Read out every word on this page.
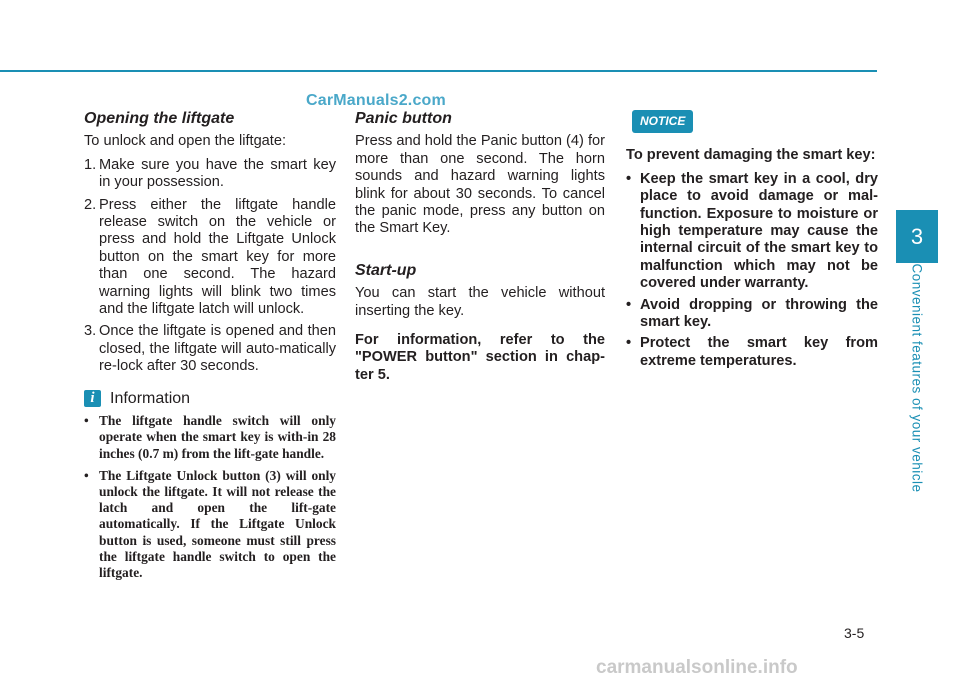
CarManuals2.com
Opening the liftgate

To unlock and open the liftgate:

1. Make sure you have the smart key in your possession.
2. Press either the liftgate handle release switch on the vehicle or press and hold the Liftgate Unlock button on the smart key for more than one second. The hazard warning lights will blink two times and the liftgate latch will unlock.
3. Once the liftgate is opened and then closed, the liftgate will auto-matically re-lock after 30 seconds.
i Information
• The liftgate handle switch will only operate when the smart key is with-in 28 inches (0.7 m) from the lift-gate handle.
• The Liftgate Unlock button (3) will only unlock the liftgate. It will not release the latch and open the lift-gate automatically. If the Liftgate Unlock button is used, someone must still press the liftgate handle switch to open the liftgate.
Panic button

Press and hold the Panic button (4) for more than one second. The horn sounds and hazard warning lights blink for about 30 seconds. To cancel the panic mode, press any button on the Smart Key.

Start-up

You can start the vehicle without inserting the key.

For information, refer to the "POWER button" section in chap-ter 5.

NOTICE

To prevent damaging the smart key:

• Keep the smart key in a cool, dry place to avoid damage or mal-function. Exposure to moisture or high temperature may cause the internal circuit of the smart key to malfunction which may not be covered under warranty.
• Avoid dropping or throwing the smart key.
• Protect the smart key from extreme temperatures.
3
Convenient features of your vehicle
3-5
carmanualsonline.info
